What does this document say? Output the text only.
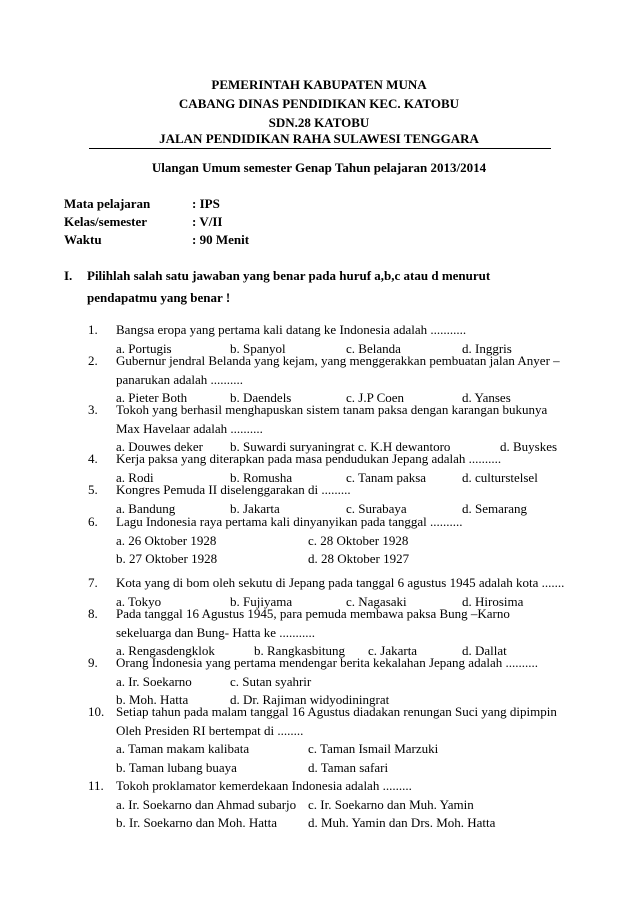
PEMERINTAH KABUPATEN MUNA
CABANG DINAS PENDIDIKAN KEC. KATOBU
SDN.28 KATOBU
JALAN PENDIDIKAN RAHA SULAWESI TENGGARA
Ulangan Umum semester Genap Tahun pelajaran 2013/2014
Mata pelajaran	: IPS
Kelas/semester	: V/II
Waktu	: 90 Menit
I. Pilihlah salah satu jawaban yang benar pada huruf a,b,c atau d menurut
pendapatmu yang benar !
1. Bangsa eropa yang pertama kali datang ke Indonesia adalah ...........
a. Portugis	b. Spanyol	c. Belanda	d. Inggris
2. Gubernur jendral Belanda yang kejam, yang menggerakkan pembuatan jalan Anyer –
panarukan adalah ..........
a. Pieter Both	b. Daendels	c. J.P Coen	d. Yanses
3. Tokoh yang berhasil menghapuskan sistem tanam paksa dengan karangan bukunya
Max Havelaar adalah ..........
a. Douwes deker b. Suwardi suryaningrat c. K.H dewantoro	d. Buyskes
4. Kerja paksa yang diterapkan pada masa pendudukan Jepang adalah ..........
a. Rodi	b. Romusha	c. Tanam paksa	d. culturstelsel
5. Kongres Pemuda II diselenggarakan di .........
a. Bandung	b. Jakarta	c. Surabaya	d. Semarang
6. Lagu Indonesia raya pertama kali dinyanyikan pada tanggal ..........
a. 26 Oktober 1928	c. 28 Oktober 1928
b. 27 Oktober 1928	d. 28 Oktober 1927
7. Kota yang di bom oleh sekutu di Jepang pada tanggal 6 agustus 1945 adalah kota .......
a. Tokyo	b. Fujiyama	c. Nagasaki	d. Hirosima
8. Pada tanggal 16 Agustus 1945, para pemuda membawa paksa Bung –Karno
sekeluarga dan Bung- Hatta ke ...........
a. Rengasdengklok	b. Rangkasbitung c. Jakarta	d. Dallat
9. Orang Indonesia yang pertama mendengar berita kekalahan Jepang adalah ..........
a. Ir. Soekarno	c. Sutan syahrir
b. Moh. Hatta	d. Dr. Rajiman widyodiningrat
10. Setiap tahun pada malam tanggal 16 Agustus diadakan renungan Suci yang dipimpin
Oleh Presiden RI bertempat di ........
a. Taman makam kalibata	c. Taman Ismail Marzuki
b. Taman lubang buaya	d. Taman safari
11. Tokoh proklamator kemerdekaan Indonesia adalah .........
a. Ir. Soekarno dan Ahmad subarjo c. Ir. Soekarno dan Muh. Yamin
b. Ir. Soekarno dan Moh. Hatta d. Muh. Yamin dan Drs. Moh. Hatta
